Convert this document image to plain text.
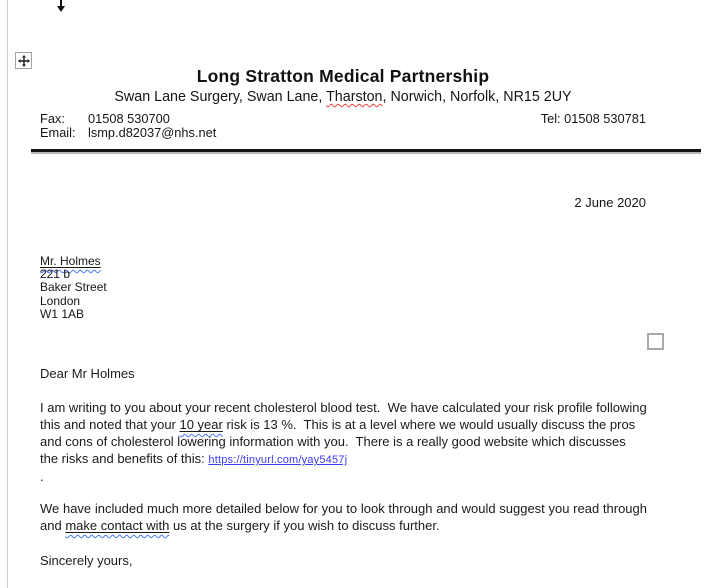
Long Stratton Medical Partnership
Swan Lane Surgery, Swan Lane, Tharston, Norwich, Norfolk, NR15 2UY
Fax: 01508 530700	Tel: 01508 530781
Email: lsmp.d82037@nhs.net
2 June 2020
Mr. Holmes
221 b
Baker Street
London
W1 1AB
Dear Mr Holmes
I am writing to you about your recent cholesterol blood test.  We have calculated your risk profile following this and noted that your 10 year risk is 13 %.  This is at a level where we would usually discuss the pros and cons of cholesterol lowering information with you.  There is a really good website which discusses the risks and benefits of this: https://tinyurl.com/yay5457j
.
We have included much more detailed below for you to look through and would suggest you read through and make contact with us at the surgery if you wish to discuss further.
Sincerely yours,
